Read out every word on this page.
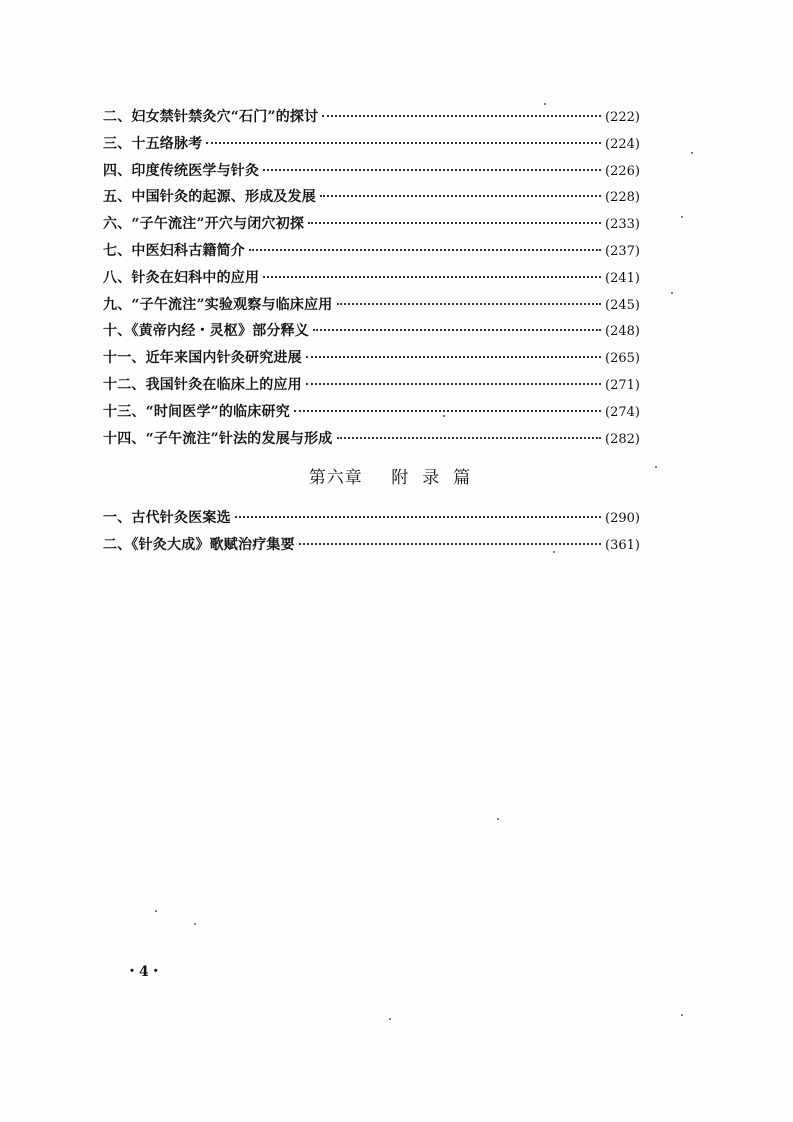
二、妇女禁针禁灸穴“石门”的探讨	(222)
三、十五络脉考	(224)
四、印度传统医学与针灸	(226)
五、中国针灸的起源、形成及发展	(228)
六、“子午流注”开穴与闭穴初探	(233)
七、中医妇科古籍简介	(237)
八、针灸在妇科中的应用	(241)
九、“子午流注”实验观察与临床应用	(245)
十、《黄帝内经・灵枢》部分释义	(248)
十一、近年来国内针灸研究进展	(265)
十二、我国针灸在临床上的应用	(271)
十三、“时间医学”的临床研究	(274)
十四、“子午流注”针法的发展与形成	(282)
第六章 附录篇
一、古代针灸医案选	(290)
二、《针灸大成》歌赋治疗集要	(361)
・4・
